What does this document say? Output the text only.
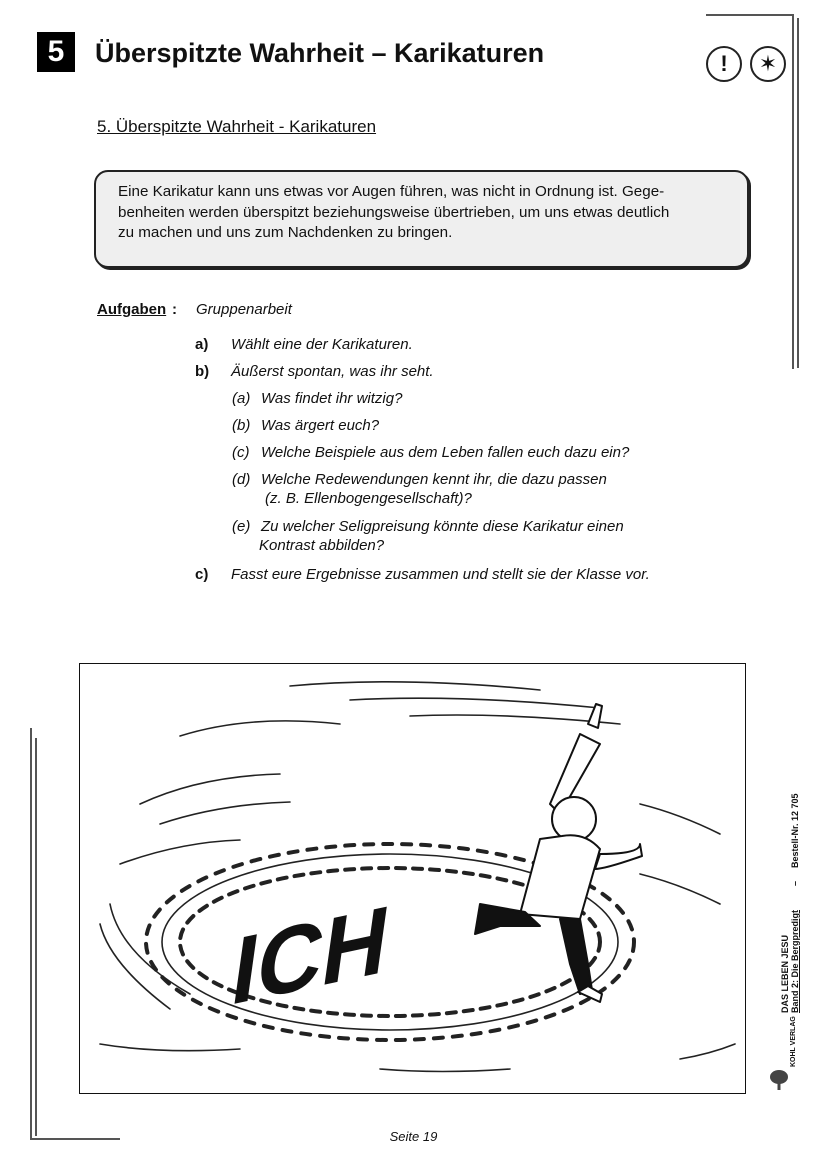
5	Überspitzte Wahrheit – Karikaturen	!	✶
5. Überspitzte Wahrheit - Karikaturen
Eine Karikatur kann uns etwas vor Augen führen, was nicht in Ordnung ist. Gege-
benheiten werden überspitzt beziehungsweise übertrieben, um uns etwas deutlich
zu machen und uns zum Nachdenken zu bringen.
Aufgaben : Gruppenarbeit
a) Wählt eine der Karikaturen.
b) Äußerst spontan, was ihr seht.
(a) Was findet ihr witzig?
(b) Was ärgert euch?
(c) Welche Beispiele aus dem Leben fallen euch dazu ein?
(d) Welche Redewendungen kennt ihr, die dazu passen
(z. B. Ellenbogengesellschaft)?
(e) Zu welcher Seligpreisung könnte diese Karikatur einen
Kontrast abbilden?
c) Fasst eure Ergebnisse zusammen und stellt sie der Klasse vor.
ICH
Bestell-Nr. 12 705
–
DAS LEBEN JESU Band 2: Die Bergpredigt
KOHL VERLAG
Seite 19
